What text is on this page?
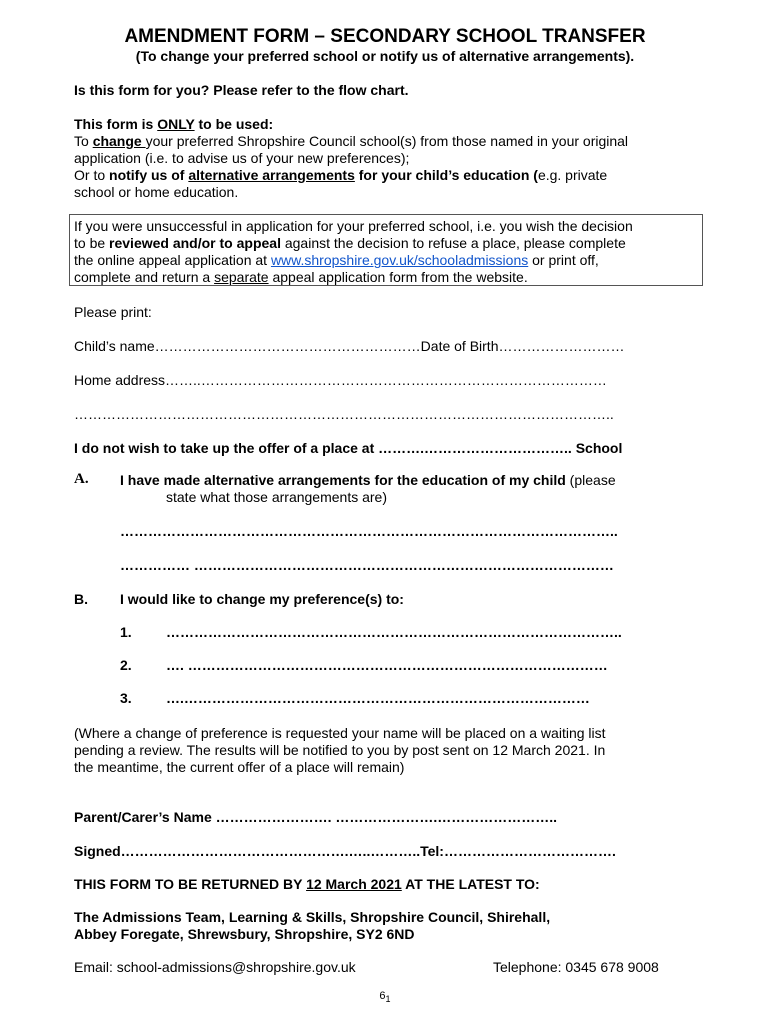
AMENDMENT FORM – SECONDARY SCHOOL TRANSFER
(To change your preferred school or notify us of alternative arrangements).
Is this form for you? Please refer to the flow chart.
This form is ONLY to be used:
To change your preferred Shropshire Council school(s) from those named in your original
application (i.e. to advise us of your new preferences);
Or to notify us of alternative arrangements for your child’s education (e.g. private
school or home education.
If you were unsuccessful in application for your preferred school, i.e. you wish the decision
to be reviewed and/or to appeal against the decision to refuse a place, please complete
the online appeal application at www.shropshire.gov.uk/schooladmissions or print off,
complete and return a separate appeal application form from the website.
Please print:
Child’s name…………………………………………………Date of Birth………………………
Home address……..……………………………………………………………………………
……………………………………………………………………………………………………..
I do not wish to take up the offer of a place at ……….………………………….. School
A. I have made alternative arrangements for the education of my child (please
state what those arrangements are)
……………………………………………………………………………………………..
…………… ………………………………………………………………………………
B. I would like to change my preference(s) to:
1. ……………………………………………………………………………………..
2. …. ………………………………………………………………………………
3. ….……………………………………………………………………………
(Where a change of preference is requested your name will be placed on a waiting list
pending a review. The results will be notified to you by post sent on 12 March 2021. In
the meantime, the current offer of a place will remain)
Parent/Carer’s Name ……………………. ………………….……………………..
Signed………………………………………….…..………..Tel:……………………………….
THIS FORM TO BE RETURNED BY 12 March 2021 AT THE LATEST TO:
The Admissions Team, Learning & Skills, Shropshire Council, Shirehall,
Abbey Foregate, Shrewsbury, Shropshire, SY2 6ND
Email: school-admissions@shropshire.gov.uk	Telephone: 0345 678 9008
$6_1$
